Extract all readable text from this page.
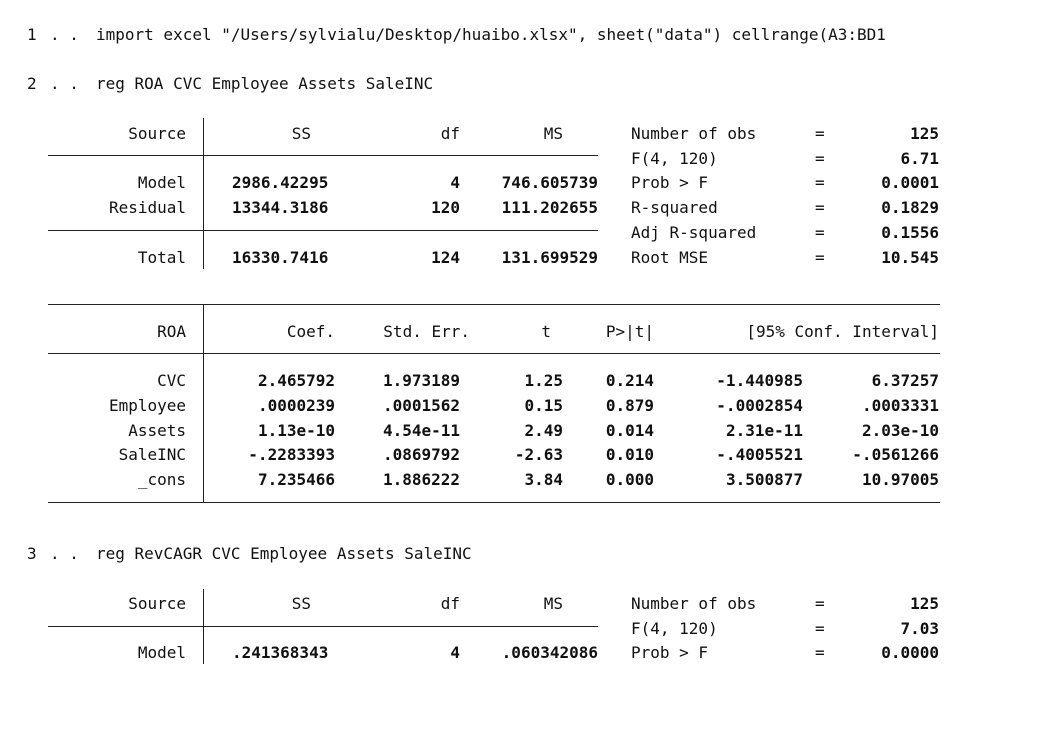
1 . . import excel "/Users/sylvialu/Desktop/huaibo.xlsx", sheet("data") cellrange(A3:BD1
2 . . reg ROA CVC Employee Assets SaleINC
Source	SS	df	MS
Model	2986.42295	4	746.605739
Residual	13344.3186	120	111.202655
Total	16330.7416	124	131.699529
Number of obs	=	125
F(4, 120)	=	6.71
Prob > F	=	0.0001
R-squared	=	0.1829
Adj R-squared	=	0.1556
Root MSE	=	10.545
ROA	Coef.	Std. Err.	t	P>|t|	[95% Conf. Interval]
CVC	2.465792	1.973189	1.25	0.214	-1.440985	6.37257
Employee	.0000239	.0001562	0.15	0.879	-.0002854	.0003331
Assets	1.13e-10	4.54e-11	2.49	0.014	2.31e-11	2.03e-10
SaleINC	-.2283393	.0869792	-2.63	0.010	-.4005521	-.0561266
_cons	7.235466	1.886222	3.84	0.000	3.500877	10.97005
3 . . reg RevCAGR CVC Employee Assets SaleINC
Source	SS	df	MS
Model	.241368343	4	.060342086
Number of obs	=	125
F(4, 120)	=	7.03
Prob > F	=	0.0000
